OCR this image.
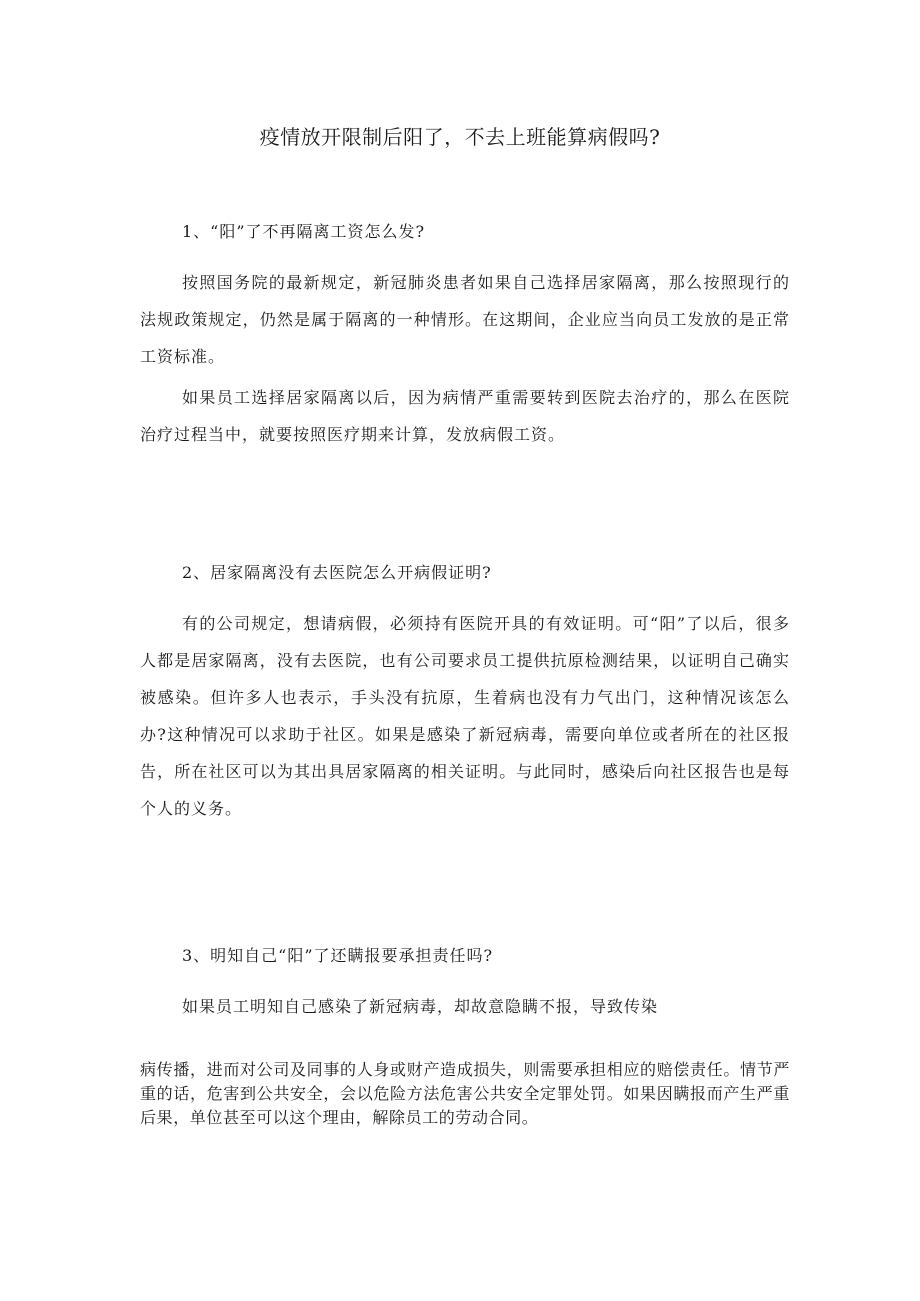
疫情放开限制后阳了，不去上班能算病假吗?

1、“阳”了不再隔离工资怎么发?

按照国务院的最新规定，新冠肺炎患者如果自己选择居家隔离，那么按照现行的法规政策规定，仍然是属于隔离的一种情形。在这期间，企业应当向员工发放的是正常工资标准。

如果员工选择居家隔离以后，因为病情严重需要转到医院去治疗的，那么在医院治疗过程当中，就要按照医疗期来计算，发放病假工资。

2、居家隔离没有去医院怎么开病假证明?

有的公司规定，想请病假，必须持有医院开具的有效证明。可“阳”了以后，很多人都是居家隔离，没有去医院，也有公司要求员工提供抗原检测结果，以证明自己确实被感染。但许多人也表示，手头没有抗原，生着病也没有力气出门，这种情况该怎么办?这种情况可以求助于社区。如果是感染了新冠病毒，需要向单位或者所在的社区报告，所在社区可以为其出具居家隔离的相关证明。与此同时，感染后向社区报告也是每个人的义务。

3、明知自己“阳”了还瞒报要承担责任吗?

如果员工明知自己感染了新冠病毒，却故意隐瞒不报，导致传染

病传播，进而对公司及同事的人身或财产造成损失，则需要承担相应的赔偿责任。情节严重的话，危害到公共安全，会以危险方法危害公共安全定罪处罚。如果因瞒报而产生严重后果，单位甚至可以这个理由，解除员工的劳动合同。
